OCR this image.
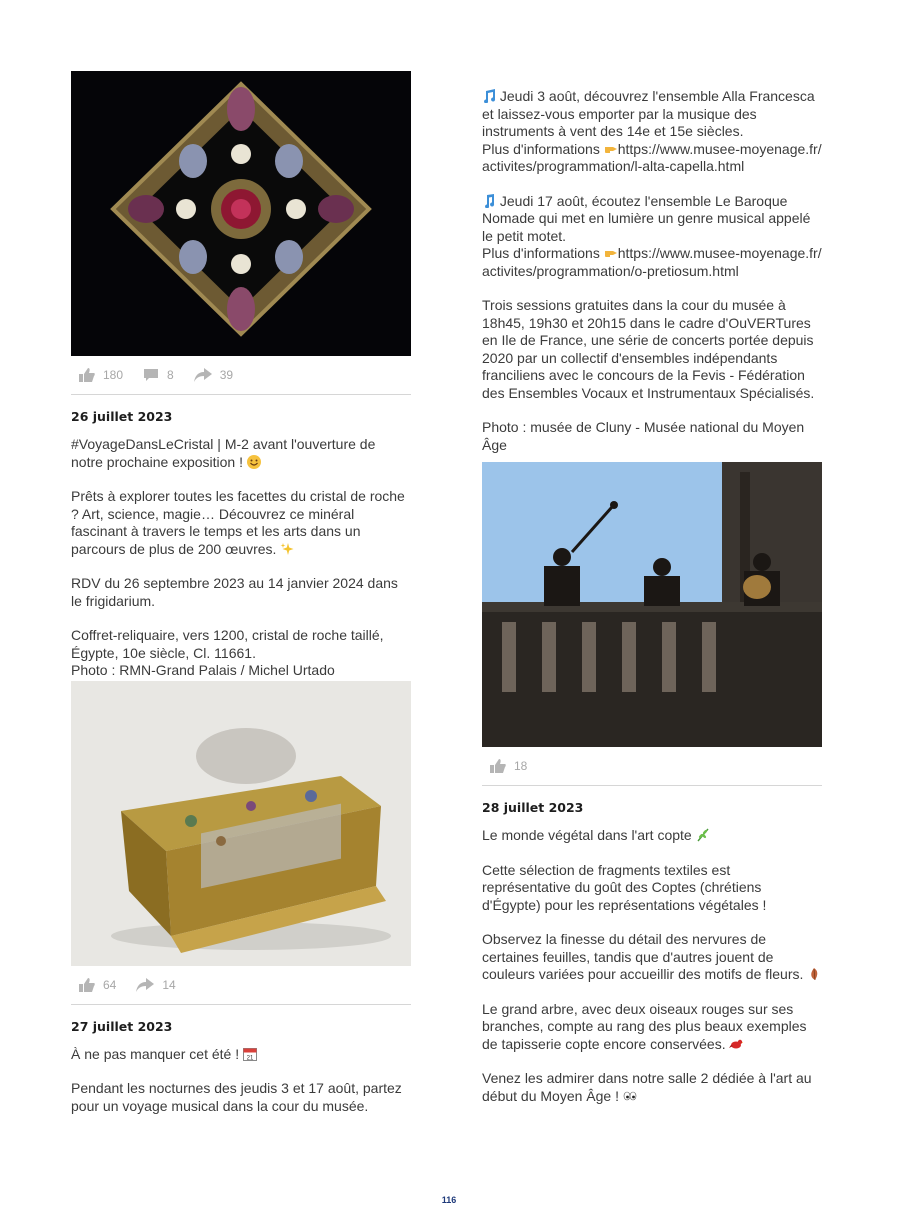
180	8	39
26 juillet 2023

#VoyageDansLeCristal | M-2 avant l'ouverture de notre prochaine exposition !

Prêts à explorer toutes les facettes du cristal de roche ? Art, science, magie… Découvrez ce minéral fascinant à travers le temps et les arts dans un parcours de plus de 200 œuvres.

RDV du 26 septembre 2023 au 14 janvier 2024 dans le frigidarium.

Coffret-reliquaire, vers 1200, cristal de roche taillé, Égypte, 10e siècle, Cl. 11661.
Photo : RMN-Grand Palais / Michel Urtado

64	14
27 juillet 2023

À ne pas manquer cet été ! 21

Pendant les nocturnes des jeudis 3 et 17 août, partez pour un voyage musical dans la cour du musée.

Jeudi 3 août, découvrez l'ensemble Alla Francesca et laissez-vous emporter par la musique des instruments à vent des 14e et 15e siècles.
Plus d'informations https://www.musee-moyenage.fr/activites/programmation/l-alta-capella.html

Jeudi 17 août, écoutez l'ensemble Le Baroque Nomade qui met en lumière un genre musical appelé le petit motet.
Plus d'informations https://www.musee-moyenage.fr/activites/programmation/o-pretiosum.html

Trois sessions gratuites dans la cour du musée à 18h45, 19h30 et 20h15 dans le cadre d'OuVERTures en Ile de France, une série de concerts portée depuis 2020 par un collectif d'ensembles indépendants franciliens avec le concours de la Fevis - Fédération des Ensembles Vocaux et Instrumentaux Spécialisés.

Photo : musée de Cluny - Musée national du Moyen Âge

18
28 juillet 2023

Le monde végétal dans l'art copte

Cette sélection de fragments textiles est représentative du goût des Coptes (chrétiens d'Égypte) pour les représentations végétales !

Observez la finesse du détail des nervures de certaines feuilles, tandis que d'autres jouent de couleurs variées pour accueillir des motifs de fleurs.

Le grand arbre, avec deux oiseaux rouges sur ses branches, compte au rang des plus beaux exemples de tapisserie copte encore conservées.

Venez les admirer dans notre salle 2 dédiée à l'art au début du Moyen Âge !

116
